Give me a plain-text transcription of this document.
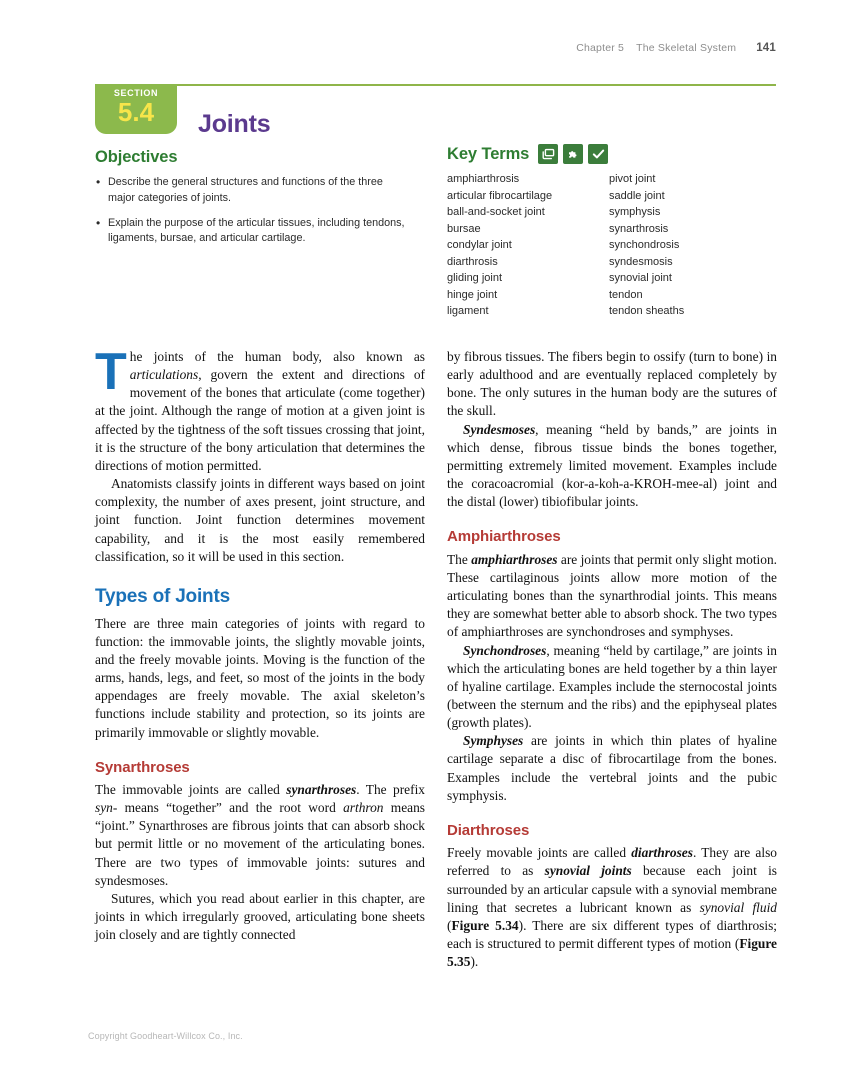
Chapter 5 The Skeletal System 141
SECTION
5.4	Joints
Objectives
• Describe the general structures and functions of the three major categories of joints.
• Explain the purpose of the articular tissues, including tendons, ligaments, bursae, and articular cartilage.
Key Terms
amphiarthrosis
articular fibrocartilage
ball-and-socket joint
bursae
condylar joint
diarthrosis
gliding joint
hinge joint
ligament
pivot joint
saddle joint
symphysis
synarthrosis
synchondrosis
syndesmosis
synovial joint
tendon
tendon sheaths

The joints of the human body, also known as articulations, govern the extent and directions of movement of the bones that articulate (come together) at the joint. Although the range of motion at a given joint is affected by the tightness of the soft tissues crossing that joint, it is the structure of the bony articulation that determines the directions of motion permitted.

Anatomists classify joints in different ways based on joint complexity, the number of axes present, joint structure, and joint function. Joint function determines movement capability, and it is the most easily remembered classification, so it will be used in this section.

Types of Joints

There are three main categories of joints with regard to function: the immovable joints, the slightly movable joints, and the freely movable joints. Moving is the function of the arms, hands, legs, and feet, so most of the joints in the body appendages are freely movable. The axial skeleton’s functions include stability and protection, so its joints are primarily immovable or slightly movable.

Synarthroses

The immovable joints are called synarthroses. The prefix syn- means “together” and the root word arthron means “joint.” Synarthroses are fibrous joints that can absorb shock but permit little or no movement of the articulating bones. There are two types of immovable joints: sutures and syndesmoses.

Sutures, which you read about earlier in this chapter, are joints in which irregularly grooved, articulating bone sheets join closely and are tightly connected

by fibrous tissues. The fibers begin to ossify (turn to bone) in early adulthood and are eventually replaced completely by bone. The only sutures in the human body are the sutures of the skull.

Syndesmoses, meaning “held by bands,” are joints in which dense, fibrous tissue binds the bones together, permitting extremely limited movement. Examples include the coracoacromial (kor-a-koh-a-KROH-mee-al) joint and the distal (lower) tibiofibular joints.

Amphiarthroses

The amphiarthroses are joints that permit only slight motion. These cartilaginous joints allow more motion of the articulating bones than the synarthrodial joints. This means they are somewhat better able to absorb shock. The two types of amphiarthroses are synchondroses and symphyses.

Synchondroses, meaning “held by cartilage,” are joints in which the articulating bones are held together by a thin layer of hyaline cartilage. Examples include the sternocostal joints (between the sternum and the ribs) and the epiphyseal plates (growth plates).

Symphyses are joints in which thin plates of hyaline cartilage separate a disc of fibrocartilage from the bones. Examples include the vertebral joints and the pubic symphysis.

Diarthroses

Freely movable joints are called diarthroses. They are also referred to as synovial joints because each joint is surrounded by an articular capsule with a synovial membrane lining that secretes a lubricant known as synovial fluid (Figure 5.34). There are six different types of diarthrosis; each is structured to permit different types of motion (Figure 5.35).

Copyright Goodheart-Willcox Co., Inc.
